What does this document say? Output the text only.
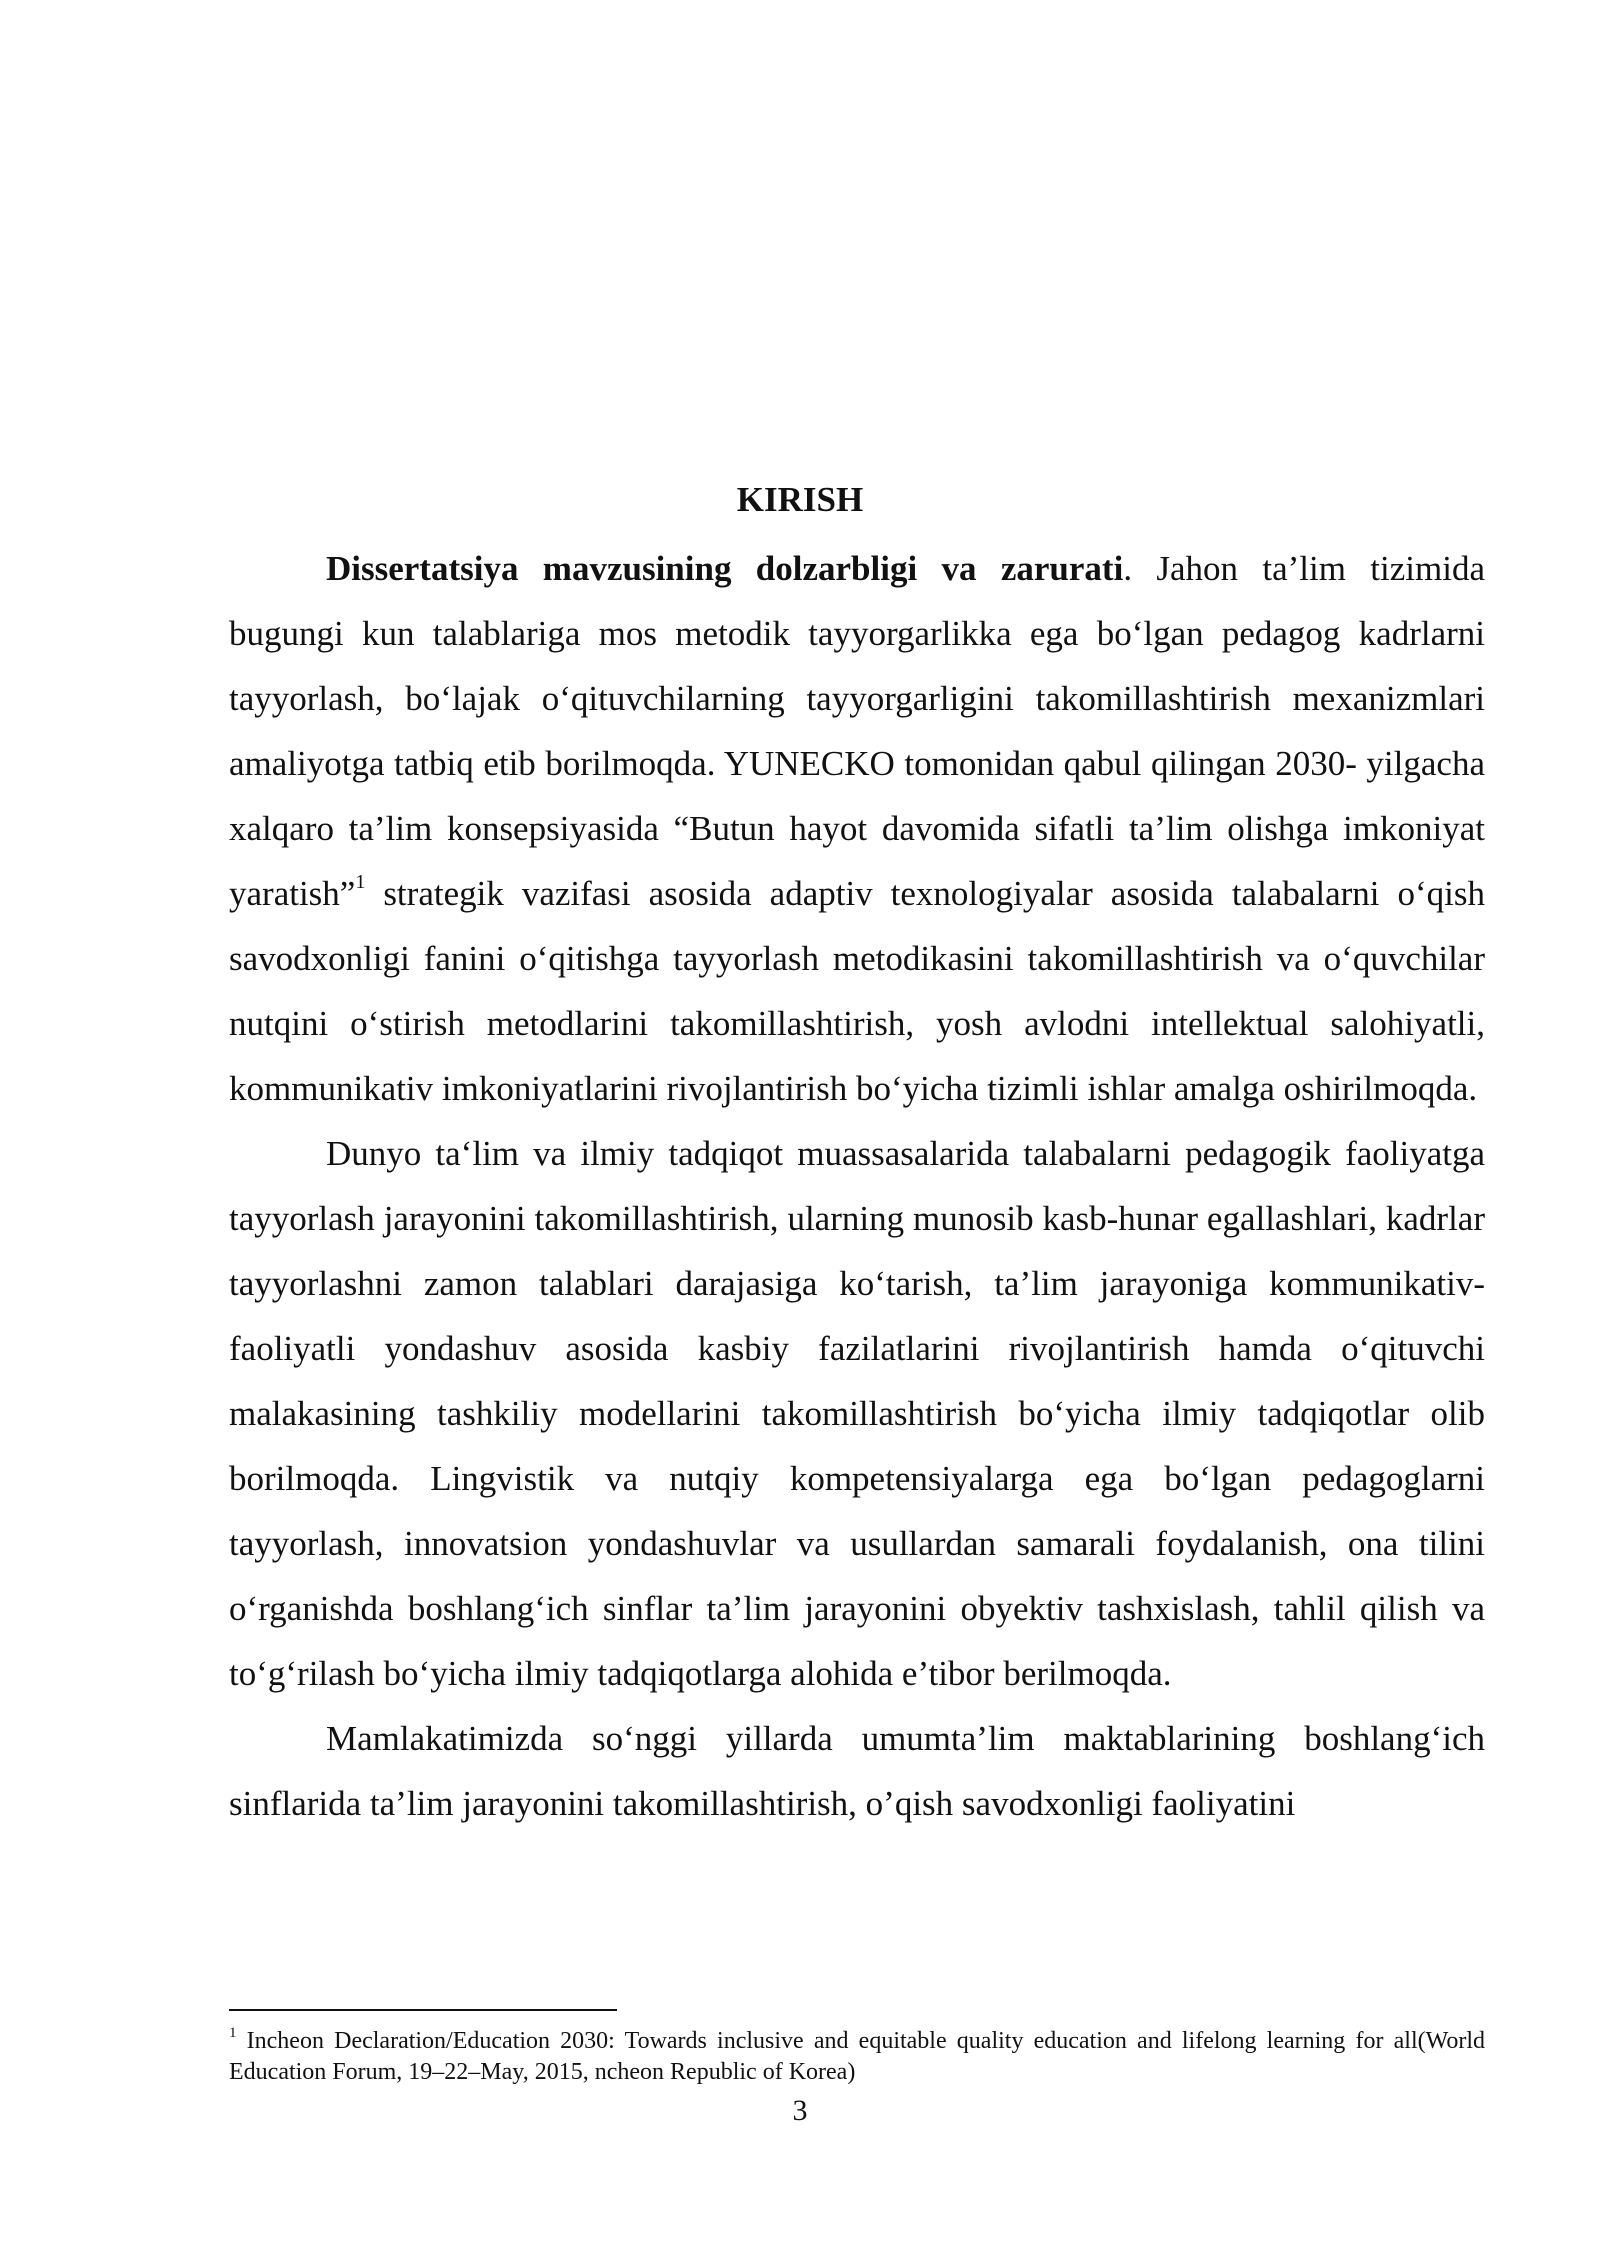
KIRISH

Dissertatsiya mavzusining dolzarbligi va zarurati. Jahon ta’lim tizimida bugungi kun talablariga mos metodik tayyorgarlikka ega bo‘lgan pedagog kadrlarni tayyorlash, bo‘lajak o‘qituvchilarning tayyorgarligini takomillashtirish mexanizmlari amaliyotga tatbiq etib borilmoqda. YUNECKO tomonidan qabul qilingan 2030- yilgacha xalqaro ta’lim konsepsiyasida “Butun hayot davomida sifatli ta’lim olishga imkoniyat yaratish”$^1$ strategik vazifasi asosida adaptiv texnologiyalar asosida talabalarni o‘qish savodxonligi fanini o‘qitishga tayyorlash metodikasini takomillashtirish va o‘quvchilar nutqini o‘stirish metodlarini takomillashtirish, yosh avlodni intellektual salohiyatli, kommunikativ imkoniyatlarini rivojlantirish bo‘yicha tizimli ishlar amalga oshirilmoqda.

Dunyo ta‘lim va ilmiy tadqiqot muassasalarida talabalarni pedagogik faoliyatga tayyorlash jarayonini takomillashtirish, ularning munosib kasb-hunar egallashlari, kadrlar tayyorlashni zamon talablari darajasiga ko‘tarish, ta’lim jarayoniga kommunikativ-faoliyatli yondashuv asosida kasbiy fazilatlarini rivojlantirish hamda o‘qituvchi malakasining tashkiliy modellarini takomillashtirish bo‘yicha ilmiy tadqiqotlar olib borilmoqda. Lingvistik va nutqiy kompetensiyalarga ega bo‘lgan pedagoglarni tayyorlash, innovatsion yondashuvlar va usullardan samarali foydalanish, ona tilini o‘rganishda boshlang‘ich sinflar ta’lim jarayonini obyektiv tashxislash, tahlil qilish va to‘g‘rilash bo‘yicha ilmiy tadqiqotlarga alohida e’tibor berilmoqda.

Mamlakatimizda so‘nggi yillarda umumta’lim maktablarining boshlang‘ich sinflarida ta’lim jarayonini takomillashtirish, o’qish savodxonligi faoliyatini

$^1$ Incheon Declaration/Education 2030: Towards inclusive and equitable quality education and lifelong learning for all(World Education Forum, 19–22–May, 2015, ncheon Republic of Korea)
3
